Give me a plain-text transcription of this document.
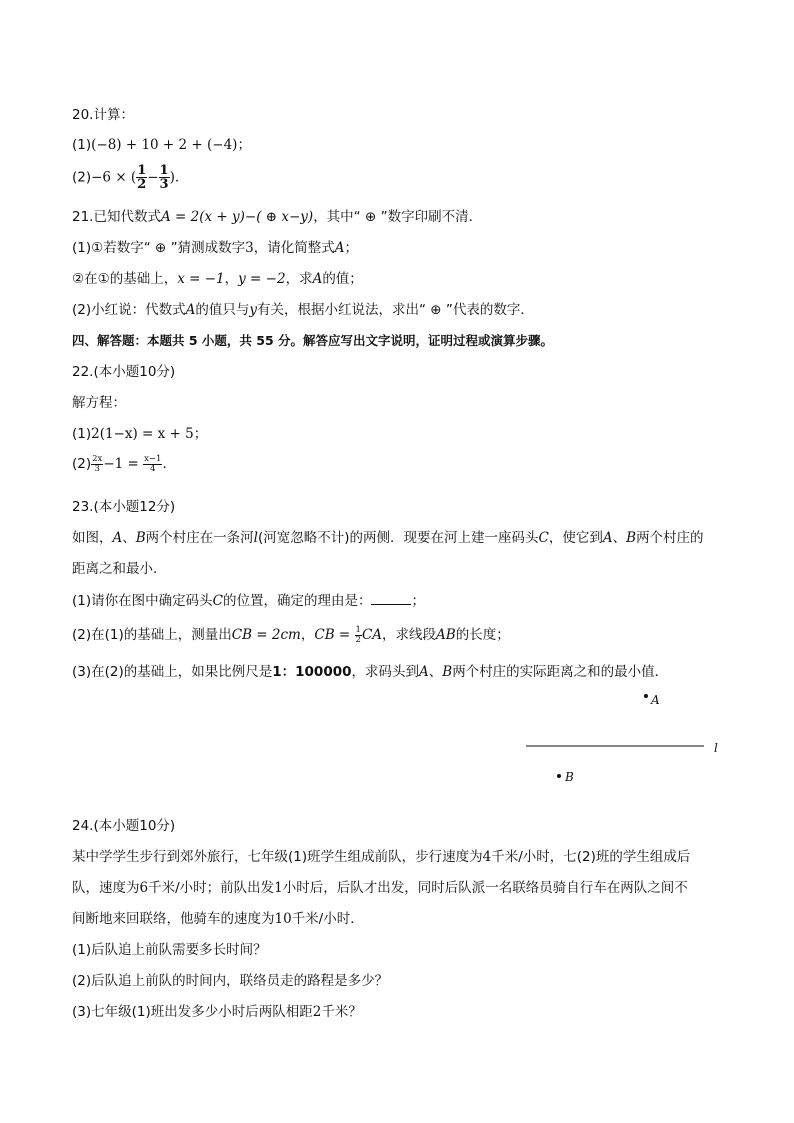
20.计算：
(1)(−8) + 10 + 2 + (−4)；
(2)−6 × ( $\frac{1}{2} - \frac{1}{3}$ )．
21.已知代数式A = 2(x + y)−( ⊕ x−y)，其中“ ⊕ ”数字印刷不清．
(1)①若数字“ ⊕ ”猜测成数字3，请化简整式A；
②在①的基础上，x = −1，y = −2，求A的值；
(2)小红说：代数式A的值只与y有关，根据小红说法，求出“ ⊕ ”代表的数字．
四、解答题：本题共 5 小题，共 55 分。解答应写出文字说明，证明过程或演算步骤。
22.(本小题10分)
解方程：
(1)2(1−x) = x + 5；
$(2) \frac{2x}{3} -1 = \frac{x-1}{4}$ ．
23.(本小题12分)
如图，A、B两个村庄在一条河l(河宽忽略不计)的两侧．现要在河上建一座码头C，使它到A、B两个村庄的
距离之和最小．
(1)请你在图中确定码头C的位置，确定的理由是：	；
(2)在(1)的基础上，测量出CB = 2cm，CB = $\frac{1}{2}$ CA，求线段AB的长度；
(3)在(2)的基础上，如果比例尺是1：100000，求码头到A、B两个村庄的实际距离之和的最小值．
A
l
B
24.(本小题10分)
某中学学生步行到郊外旅行，七年级(1)班学生组成前队，步行速度为4千米/小时，七(2)班的学生组成后
队，速度为6千米/小时；前队出发1小时后，后队才出发，同时后队派一名联络员骑自行车在两队之间不
间断地来回联络，他骑车的速度为10千米/小时．
(1)后队追上前队需要多长时间？
(2)后队追上前队的时间内，联络员走的路程是多少？
(3)七年级(1)班出发多少小时后两队相距2千米？
